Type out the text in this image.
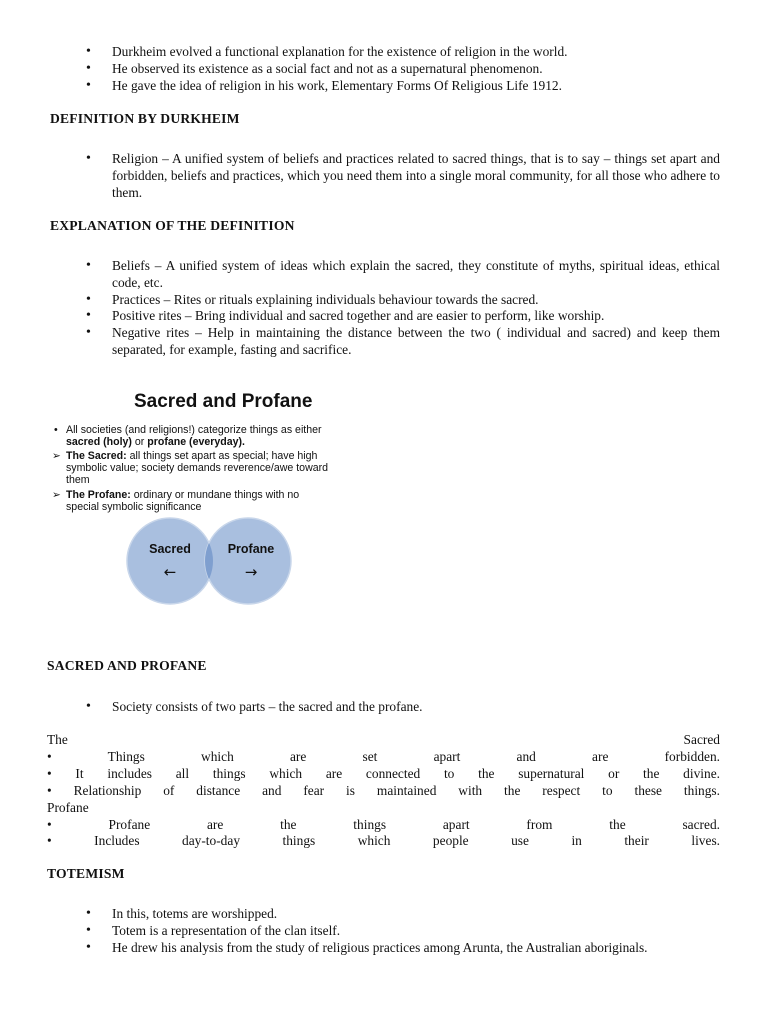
• Durkheim evolved a functional explanation for the existence of religion in the world.
• He observed its existence as a social fact and not as a supernatural phenomenon.
• He gave the idea of religion in his work, Elementary Forms Of Religious Life 1912.
DEFINITION BY DURKHEIM
• Religion – A unified system of beliefs and practices related to sacred things, that is to say – things set apart and forbidden, beliefs and practices, which you need them into a single moral community, for all those who adhere to them.
EXPLANATION OF THE DEFINITION
• Beliefs – A unified system of ideas which explain the sacred, they constitute of myths, spiritual ideas, ethical code, etc.
• Practices – Rites or rituals explaining individuals behaviour towards the sacred.
• Positive rites – Bring individual and sacred together and are easier to perform, like worship.
• Negative rites – Help in maintaining the distance between the two ( individual and sacred) and keep them separated, for example, fasting and sacrifice.
Sacred and Profane
• All societies (and religions!) categorize things as either
sacred (holy) or profane (everyday).
➢ The Sacred: all things set apart as special; have high
symbolic value; society demands reverence/awe toward
them
➢ The Profane: ordinary or mundane things with no
special symbolic significance
Sacred	Profane
←	→
SACRED AND PROFANE
• Society consists of two parts – the sacred and the profane.
The Sacred
• Things which are set apart and are forbidden.
• It includes all things which are connected to the supernatural or the divine.
• Relationship of distance and fear is maintained with the respect to these things.
Profane
• Profane are the things apart from the sacred.
• Includes day-to-day things which people use in their lives.
TOTEMISM
• In this, totems are worshipped.
• Totem is a representation of the clan itself.
• He drew his analysis from the study of religious practices among Arunta, the Australian aboriginals.
